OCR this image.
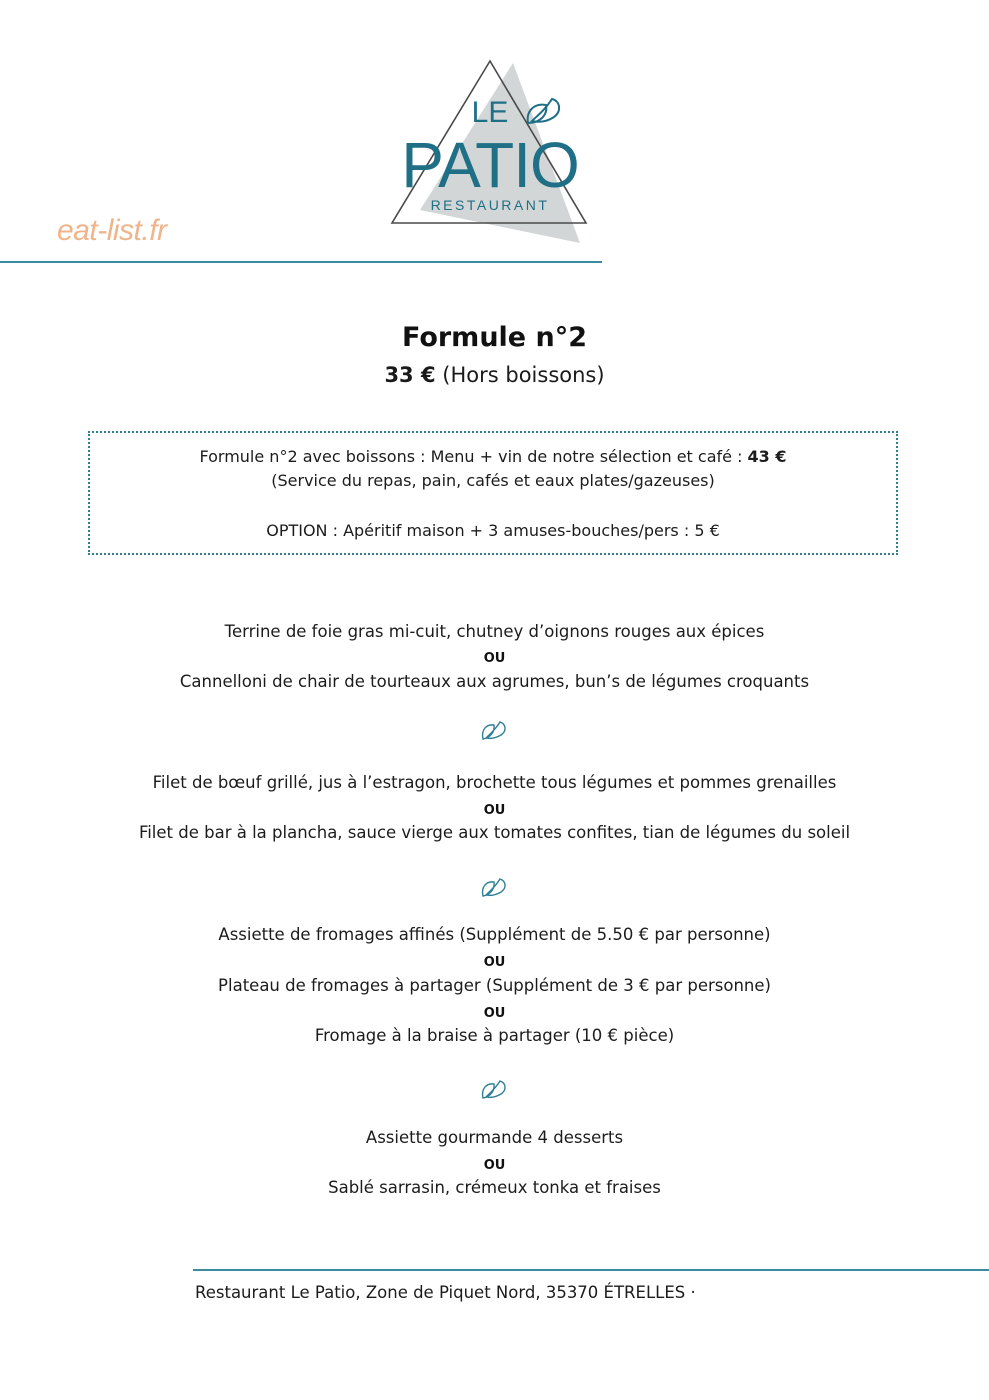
LE
PATIO
RESTAURANT
eat-list.fr
Formule n°2
33 € (Hors boissons)
Formule n°2 avec boissons : Menu + vin de notre sélection et café : 43 €
(Service du repas, pain, cafés et eaux plates/gazeuses)
OPTION : Apéritif maison + 3 amuses-bouches/pers : 5 €
Terrine de foie gras mi-cuit, chutney d’oignons rouges aux épices
OU
Cannelloni de chair de tourteaux aux agrumes, bun’s de légumes croquants
Filet de bœuf grillé, jus à l’estragon, brochette tous légumes et pommes grenailles
OU
Filet de bar à la plancha, sauce vierge aux tomates confites, tian de légumes du soleil
Assiette de fromages affinés (Supplément de 5.50 € par personne)
OU
Plateau de fromages à partager (Supplément de 3 € par personne)
OU
Fromage à la braise à partager (10 € pièce)
Assiette gourmande 4 desserts
OU
Sablé sarrasin, crémeux tonka et fraises
Restaurant Le Patio, Zone de Piquet Nord, 35370 ÉTRELLES ·
